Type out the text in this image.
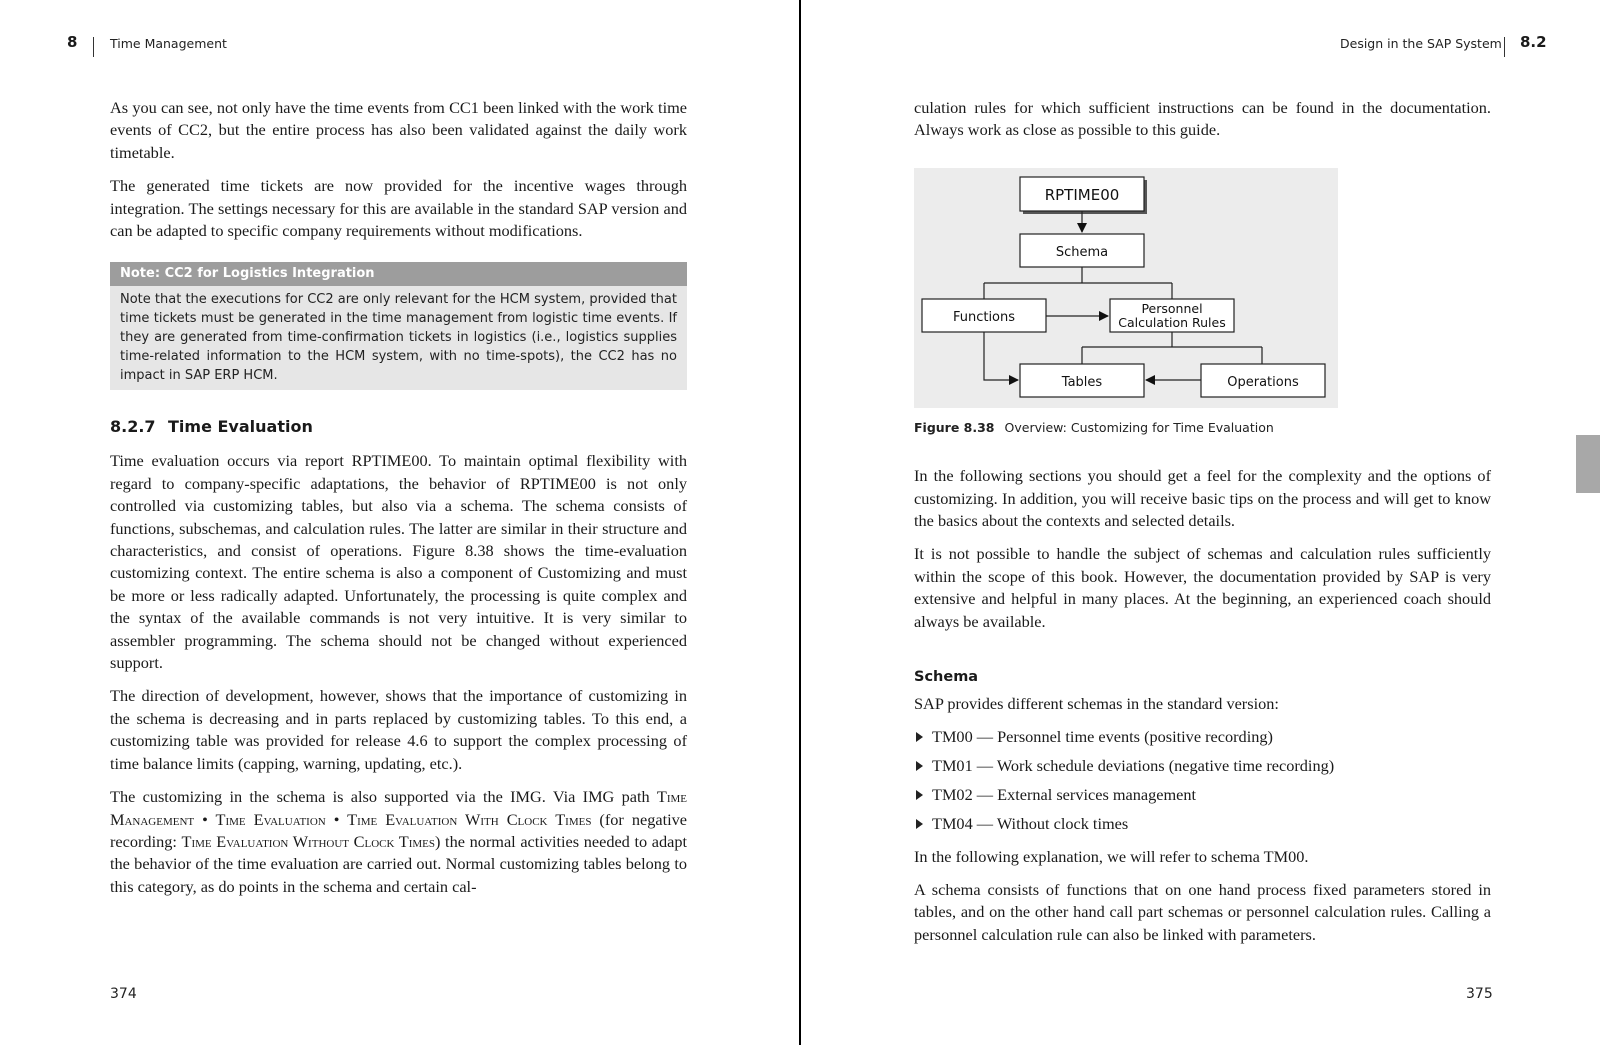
8	Time Management

As you can see, not only have the time events from CC1 been linked with the work time events of CC2, but the entire process has also been validated against the daily work timetable.

The generated time tickets are now provided for the incentive wages through integration. The settings necessary for this are available in the standard SAP version and can be adapted to specific company requirements without modifications.

Note: CC2 for Logistics Integration
Note that the executions for CC2 are only relevant for the HCM system, provided that time tickets must be generated in the time management from logistic time events. If they are generated from time-confirmation tickets in logistics (i.e., logistics supplies time-related information to the HCM system, with no time-spots), the CC2 has no impact in SAP ERP HCM.
8.2.7 Time Evaluation

Time evaluation occurs via report RPTIME00. To maintain optimal flexibility with regard to company-specific adaptations, the behavior of RPTIME00 is not only controlled via customizing tables, but also via a schema. The schema consists of functions, subschemas, and calculation rules. The latter are similar in their structure and characteristics, and consist of operations. Figure 8.38 shows the time-evaluation customizing context. The entire schema is also a component of Customizing and must be more or less radically adapted. Unfortunately, the processing is quite complex and the syntax of the available commands is not very intuitive. It is very similar to assembler programming. The schema should not be changed without experienced support.

The direction of development, however, shows that the importance of customizing in the schema is decreasing and in parts replaced by customizing tables. To this end, a customizing table was provided for release 4.6 to support the complex processing of time balance limits (capping, warning, updating, etc.).

The customizing in the schema is also supported via the IMG. Via IMG path Time Management • Time Evaluation • Time Evaluation With Clock Times (for negative recording: Time Evaluation Without Clock Times) the normal activities needed to adapt the behavior of the time evaluation are carried out. Normal customizing tables belong to this category, as do points in the schema and certain cal-

374
Design in the SAP System 8.2

culation rules for which sufficient instructions can be found in the documentation. Always work as close as possible to this guide.

RPTIME00
Schema
Functions
Personnel
Calculation Rules
Tables	Operations
Figure 8.38 Overview: Customizing for Time Evaluation

In the following sections you should get a feel for the complexity and the options of customizing. In addition, you will receive basic tips on the process and will get to know the basics about the contexts and selected details.

It is not possible to handle the subject of schemas and calculation rules sufficiently within the scope of this book. However, the documentation provided by SAP is very extensive and helpful in many places. At the beginning, an experienced coach should always be available.

Schema

SAP provides different schemas in the standard version:

TM00 — Personnel time events (positive recording)
TM01 — Work schedule deviations (negative time recording)
TM02 — External services management
TM04 — Without clock times

In the following explanation, we will refer to schema TM00.

A schema consists of functions that on one hand process fixed parameters stored in tables, and on the other hand call part schemas or personnel calculation rules. Calling a personnel calculation rule can also be linked with parameters.

375
